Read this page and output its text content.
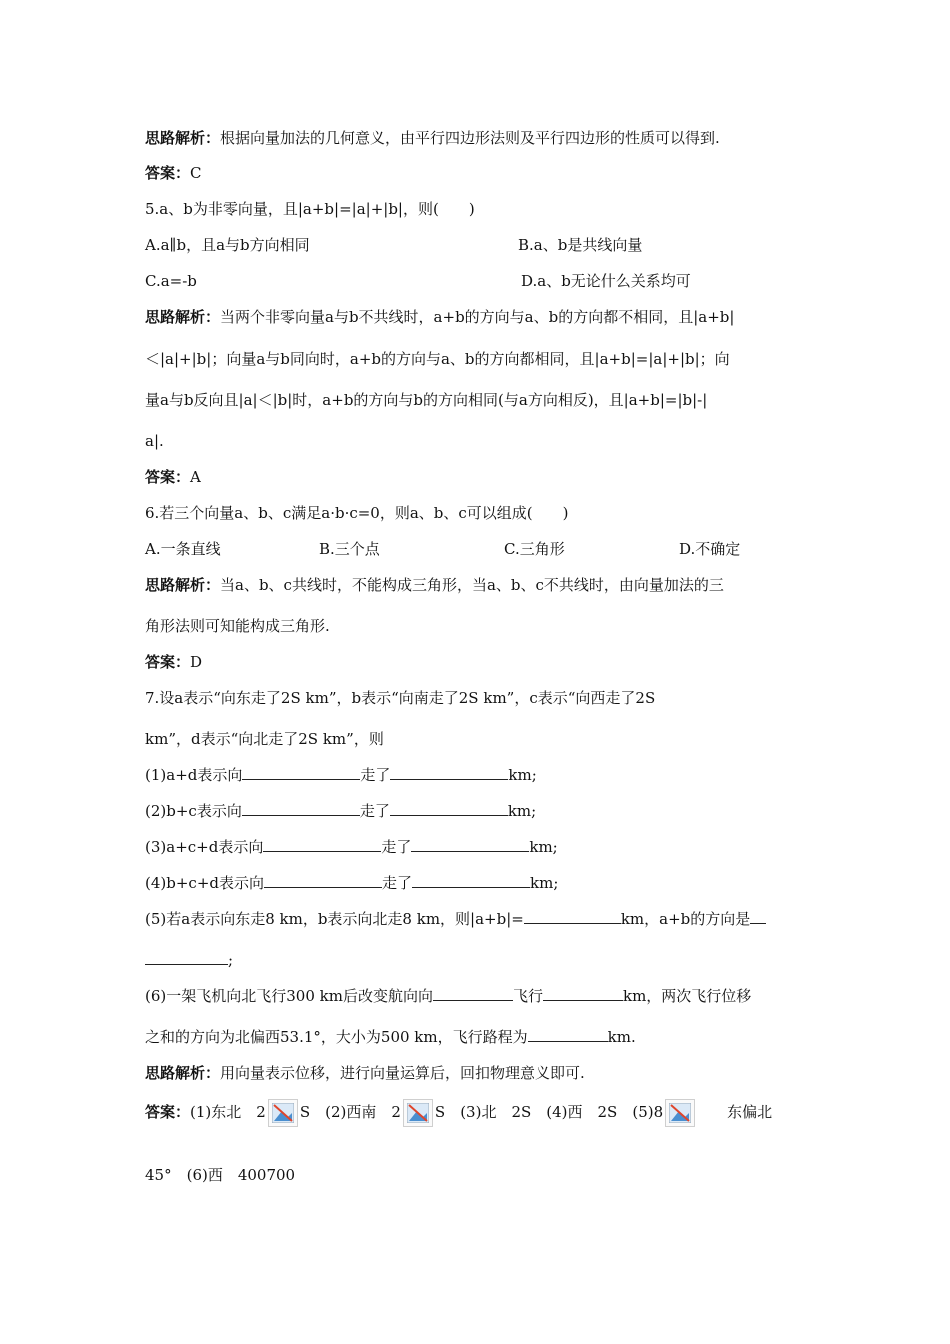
思路解析：根据向量加法的几何意义，由平行四边形法则及平行四边形的性质可以得到.
答案：C
5.a、b为非零向量，且|a+b|=|a|+|b|，则(　　)
A.a∥b，且a与b方向相同	B.a、b是共线向量
C.a=-b	D.a、b无论什么关系均可
思路解析：当两个非零向量a与b不共线时，a+b的方向与a、b的方向都不相同，且|a+b|
＜|a|+|b|；向量a与b同向时，a+b的方向与a、b的方向都相同，且|a+b|=|a|+|b|；向
量a与b反向且|a|＜|b|时，a+b的方向与b的方向相同(与a方向相反)，且|a+b|=|b|-|
a|.
答案：A
6.若三个向量a、b、c满足a·b·c=0，则a、b、c可以组成(　　)
A.一条直线	B.三个点	C.三角形	D.不确定
思路解析：当a、b、c共线时，不能构成三角形，当a、b、c不共线时，由向量加法的三
角形法则可知能构成三角形.
答案：D
7.设a表示“向东走了2S km”，b表示“向南走了2S km”，c表示“向西走了2S
km”，d表示“向北走了2S km”，则
(1)a+d表示向	走了	km;
(2)b+c表示向	走了	km;
(3)a+c+d表示向	走了	km;
(4)b+c+d表示向	走了	km;
(5)若a表示向东走8 km，b表示向北走8 km，则|a+b|=	km，a+b的方向是
;
(6)一架飞机向北飞行300 km后改变航向向	飞行	km，两次飞行位移
之和的方向为北偏西53.1°，大小为500 km，飞行路程为	km.
思路解析：用向量表示位移，进行向量运算后，回扣物理意义即可.
答案：(1)东北　2 S　 (2)西南　2 S　 (3)北　2S　(4)西　2S　(5)8
　　	东偏北
45°　(6)西　400700
